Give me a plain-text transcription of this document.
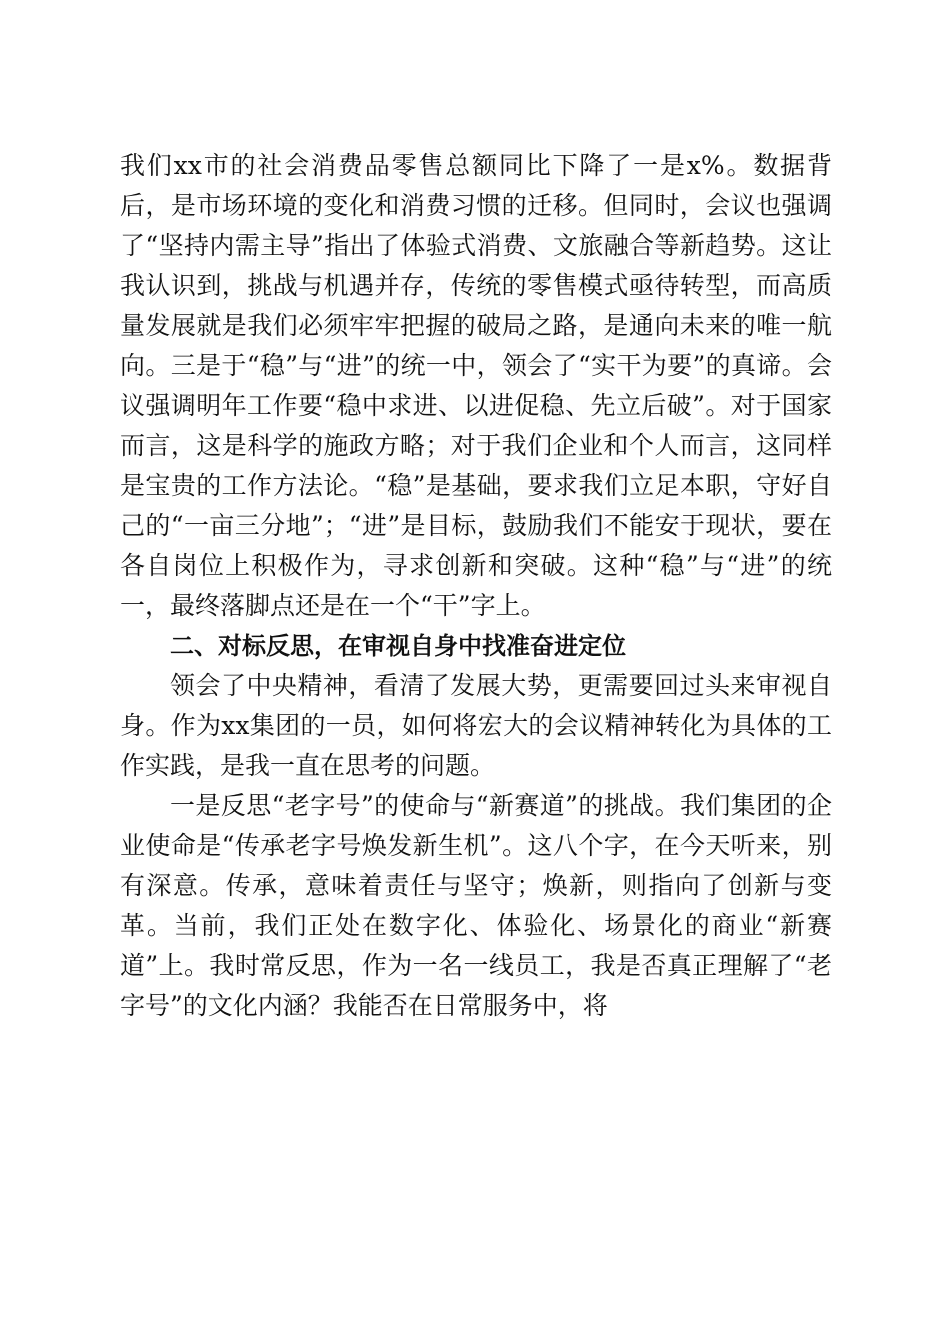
我们xx市的社会消费品零售总额同比下降了一是x%。数据背后，是市场环境的变化和消费习惯的迁移。但同时，会议也强调了“坚持内需主导”指出了体验式消费、文旅融合等新趋势。这让我认识到，挑战与机遇并存，传统的零售模式亟待转型，而高质量发展就是我们必须牢牢把握的破局之路，是通向未来的唯一航向。三是于“稳”与“进”的统一中，领会了“实干为要”的真谛。会议强调明年工作要“稳中求进、以进促稳、先立后破”。对于国家而言，这是科学的施政方略；对于我们企业和个人而言，这同样是宝贵的工作方法论。“稳”是基础，要求我们立足本职，守好自己的“一亩三分地”；“进”是目标，鼓励我们不能安于现状，要在各自岗位上积极作为，寻求创新和突破。这种“稳”与“进”的统一，最终落脚点还是在一个“干”字上。

二、对标反思，在审视自身中找准奋进定位

领会了中央精神，看清了发展大势，更需要回过头来审视自身。作为xx集团的一员，如何将宏大的会议精神转化为具体的工作实践，是我一直在思考的问题。

一是反思“老字号”的使命与“新赛道”的挑战。我们集团的企业使命是“传承老字号焕发新生机”。这八个字，在今天听来，别有深意。传承，意味着责任与坚守；焕新，则指向了创新与变革。当前，我们正处在数字化、体验化、场景化的商业“新赛道”上。我时常反思，作为一名一线员工，我是否真正理解了“老字号”的文化内涵？我能否在日常服务中，将
